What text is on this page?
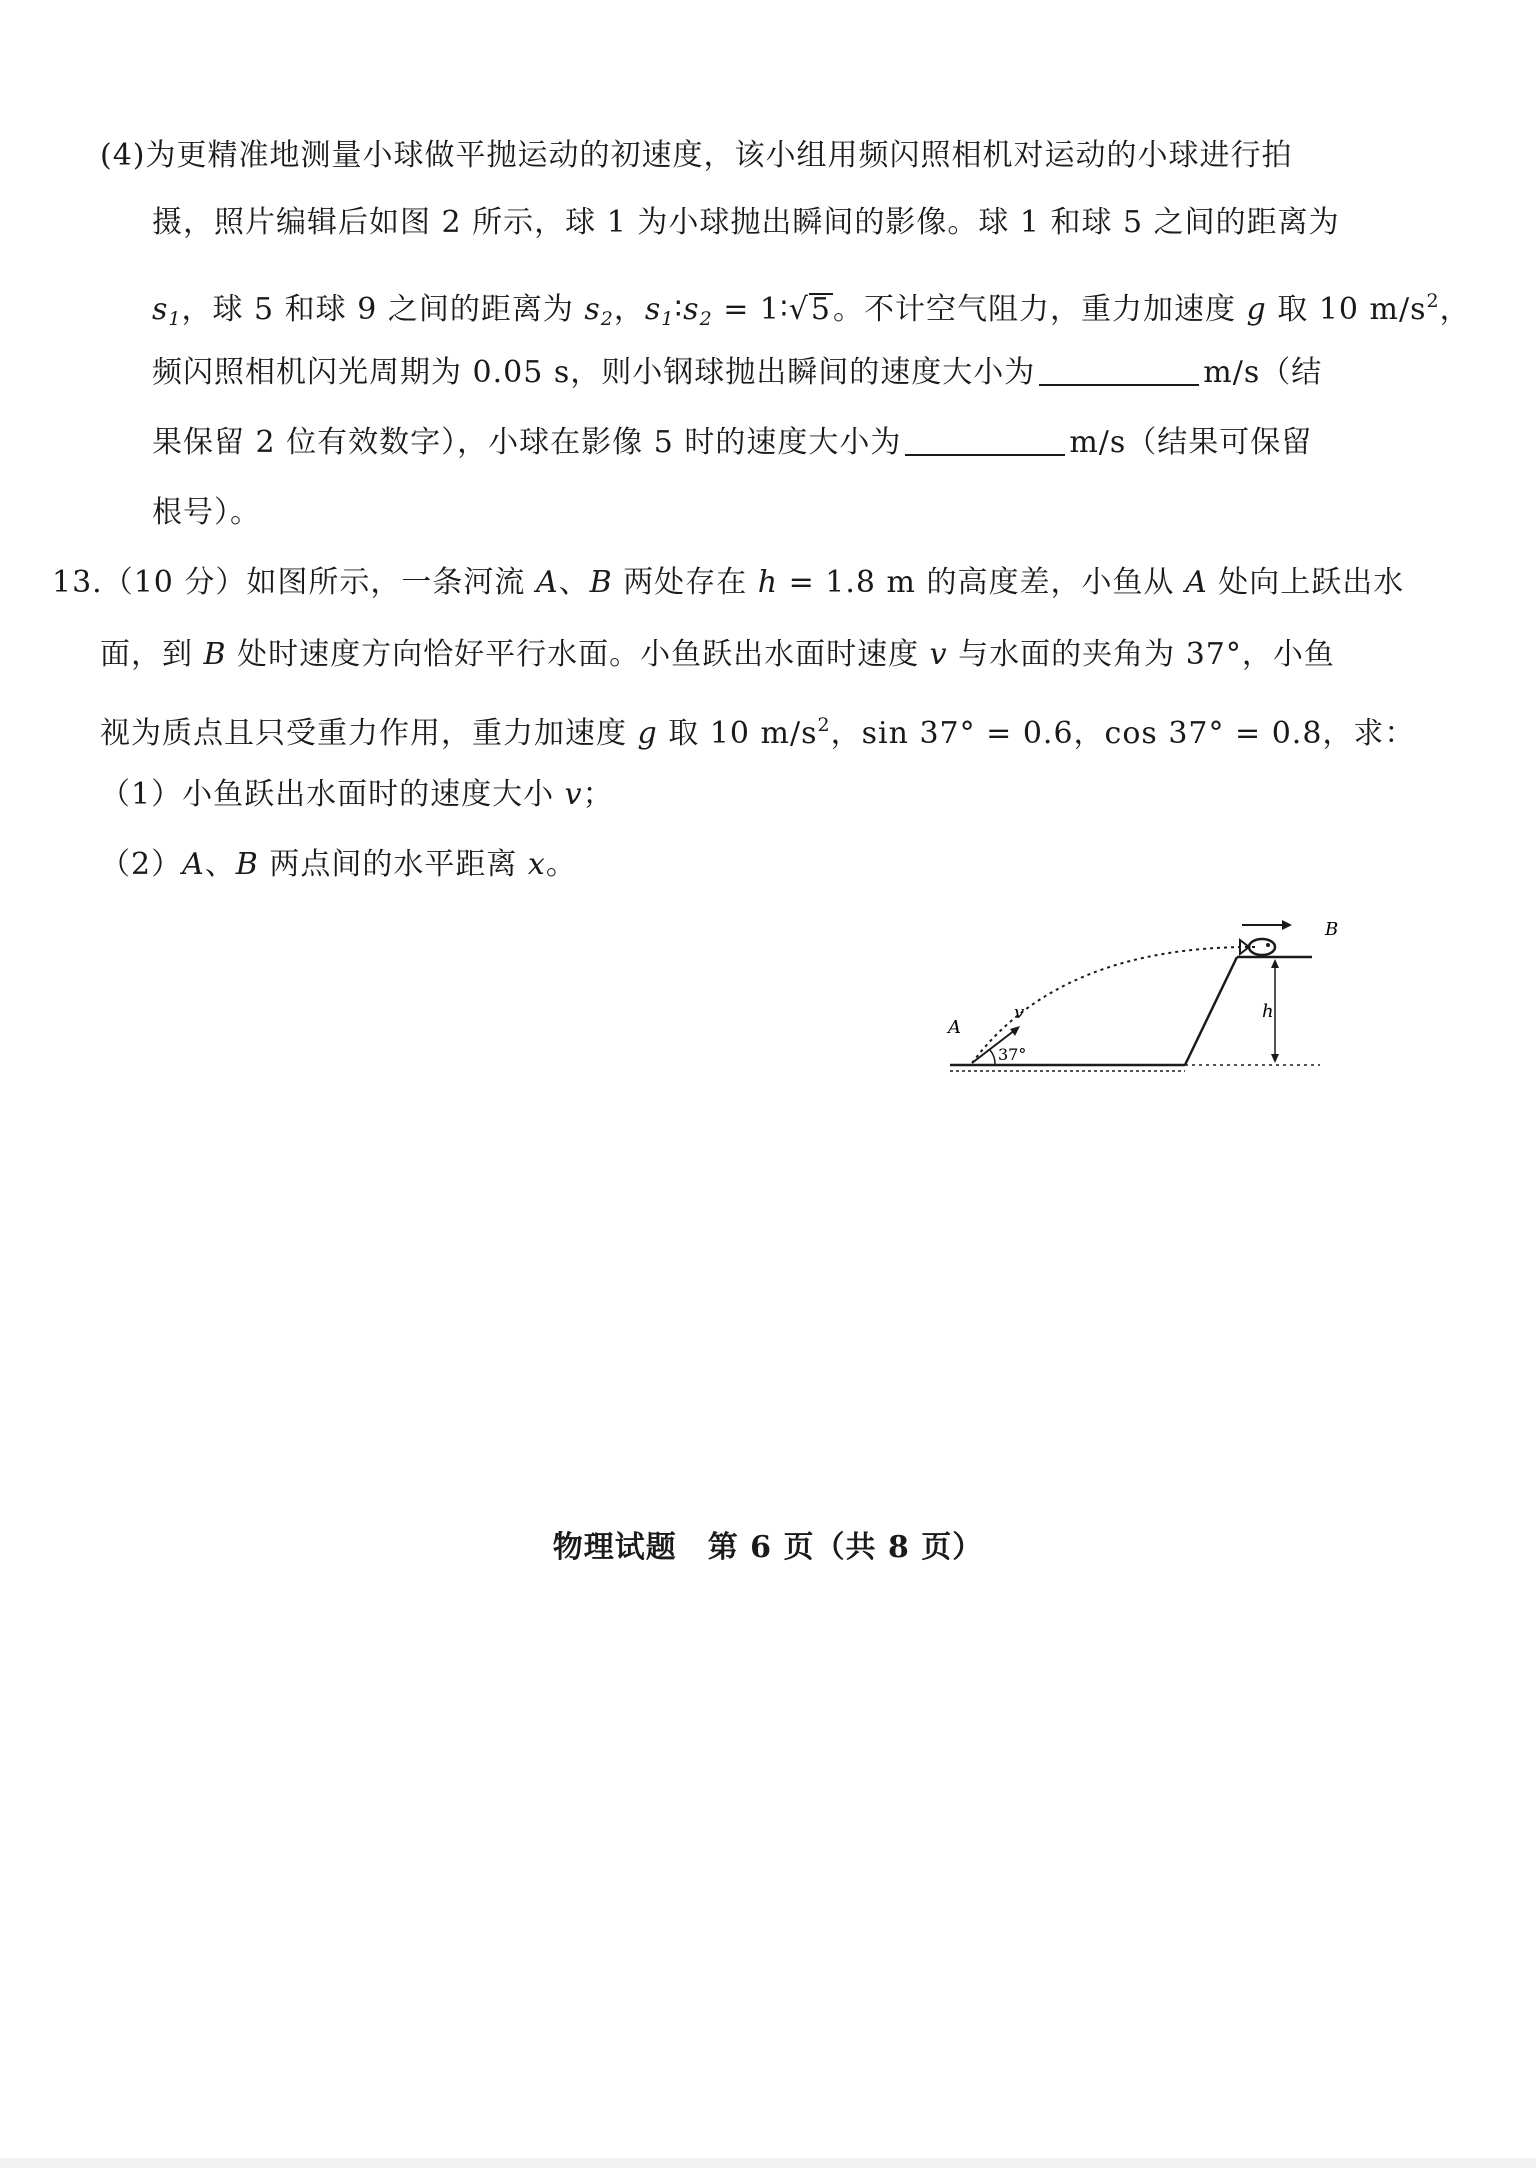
(4)为更精准地测量小球做平抛运动的初速度，该小组用频闪照相机对运动的小球进行拍
摄，照片编辑后如图 2 所示，球 1 为小球抛出瞬间的影像。球 1 和球 5 之间的距离为
$s_1$，球 5 和球 9 之间的距离为 $s_2$，$s_1∶s_2$ = 1∶√5。不计空气阻力，重力加速度 g 取 10 $m/s^2$，
频闪照相机闪光周期为 0.05 s，则小钢球抛出瞬间的速度大小为	m/s（结
果保留 2 位有效数字），小球在影像 5 时的速度大小为	m/s（结果可保留
根号）。
13.（10 分）如图所示，一条河流 A、B 两处存在 h = 1.8 m 的高度差，小鱼从 A 处向上跃出水
面，到 B 处时速度方向恰好平行水面。小鱼跃出水面时速度 v 与水面的夹角为 37°，小鱼
视为质点且只受重力作用，重力加速度 g 取 10 $m/s^2$，sin 37° = 0.6，cos 37° = 0.8，求：
（1）小鱼跃出水面时的速度大小 v；
（2）A、B 两点间的水平距离 x。
A
B
v	h
37°
物理试题　第 6 页（共 8 页）
